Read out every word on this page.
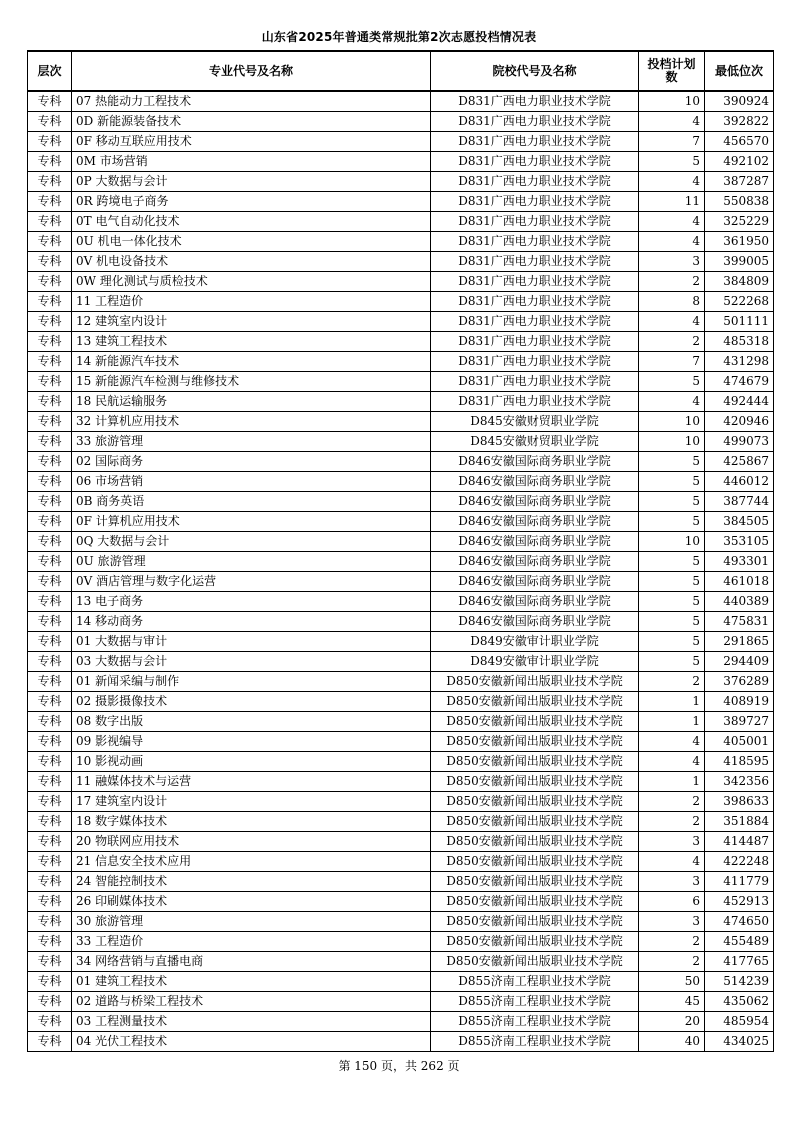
山东省2025年普通类常规批第2次志愿投档情况表
层次	专业代号及名称	院校代号及名称	投档计划数	最低位次
专科	07 热能动力工程技术	D831广西电力职业技术学院	10	390924
专科	0D 新能源装备技术	D831广西电力职业技术学院	4	392822
专科	0F 移动互联应用技术	D831广西电力职业技术学院	7	456570
专科	0M 市场营销	D831广西电力职业技术学院	5	492102
专科	0P 大数据与会计	D831广西电力职业技术学院	4	387287
专科	0R 跨境电子商务	D831广西电力职业技术学院	11	550838
专科	0T 电气自动化技术	D831广西电力职业技术学院	4	325229
专科	0U 机电一体化技术	D831广西电力职业技术学院	4	361950
专科	0V 机电设备技术	D831广西电力职业技术学院	3	399005
专科	0W 理化测试与质检技术	D831广西电力职业技术学院	2	384809
专科	11 工程造价	D831广西电力职业技术学院	8	522268
专科	12 建筑室内设计	D831广西电力职业技术学院	4	501111
专科	13 建筑工程技术	D831广西电力职业技术学院	2	485318
专科	14 新能源汽车技术	D831广西电力职业技术学院	7	431298
专科	15 新能源汽车检测与维修技术	D831广西电力职业技术学院	5	474679
专科	18 民航运输服务	D831广西电力职业技术学院	4	492444
专科	32 计算机应用技术	D845安徽财贸职业学院	10	420946
专科	33 旅游管理	D845安徽财贸职业学院	10	499073
专科	02 国际商务	D846安徽国际商务职业学院	5	425867
专科	06 市场营销	D846安徽国际商务职业学院	5	446012
专科	0B 商务英语	D846安徽国际商务职业学院	5	387744
专科	0F 计算机应用技术	D846安徽国际商务职业学院	5	384505
专科	0Q 大数据与会计	D846安徽国际商务职业学院	10	353105
专科	0U 旅游管理	D846安徽国际商务职业学院	5	493301
专科	0V 酒店管理与数字化运营	D846安徽国际商务职业学院	5	461018
专科	13 电子商务	D846安徽国际商务职业学院	5	440389
专科	14 移动商务	D846安徽国际商务职业学院	5	475831
专科	01 大数据与审计	D849安徽审计职业学院	5	291865
专科	03 大数据与会计	D849安徽审计职业学院	5	294409
专科	01 新闻采编与制作	D850安徽新闻出版职业技术学院	2	376289
专科	02 摄影摄像技术	D850安徽新闻出版职业技术学院	1	408919
专科	08 数字出版	D850安徽新闻出版职业技术学院	1	389727
专科	09 影视编导	D850安徽新闻出版职业技术学院	4	405001
专科	10 影视动画	D850安徽新闻出版职业技术学院	4	418595
专科	11 融媒体技术与运营	D850安徽新闻出版职业技术学院	1	342356
专科	17 建筑室内设计	D850安徽新闻出版职业技术学院	2	398633
专科	18 数字媒体技术	D850安徽新闻出版职业技术学院	2	351884
专科	20 物联网应用技术	D850安徽新闻出版职业技术学院	3	414487
专科	21 信息安全技术应用	D850安徽新闻出版职业技术学院	4	422248
专科	24 智能控制技术	D850安徽新闻出版职业技术学院	3	411779
专科	26 印刷媒体技术	D850安徽新闻出版职业技术学院	6	452913
专科	30 旅游管理	D850安徽新闻出版职业技术学院	3	474650
专科	33 工程造价	D850安徽新闻出版职业技术学院	2	455489
专科	34 网络营销与直播电商	D850安徽新闻出版职业技术学院	2	417765
专科	01 建筑工程技术	D855济南工程职业技术学院	50	514239
专科	02 道路与桥梁工程技术	D855济南工程职业技术学院	45	435062
专科	03 工程测量技术	D855济南工程职业技术学院	20	485954
专科	04 光伏工程技术	D855济南工程职业技术学院	40	434025
第 150 页，共 262 页
